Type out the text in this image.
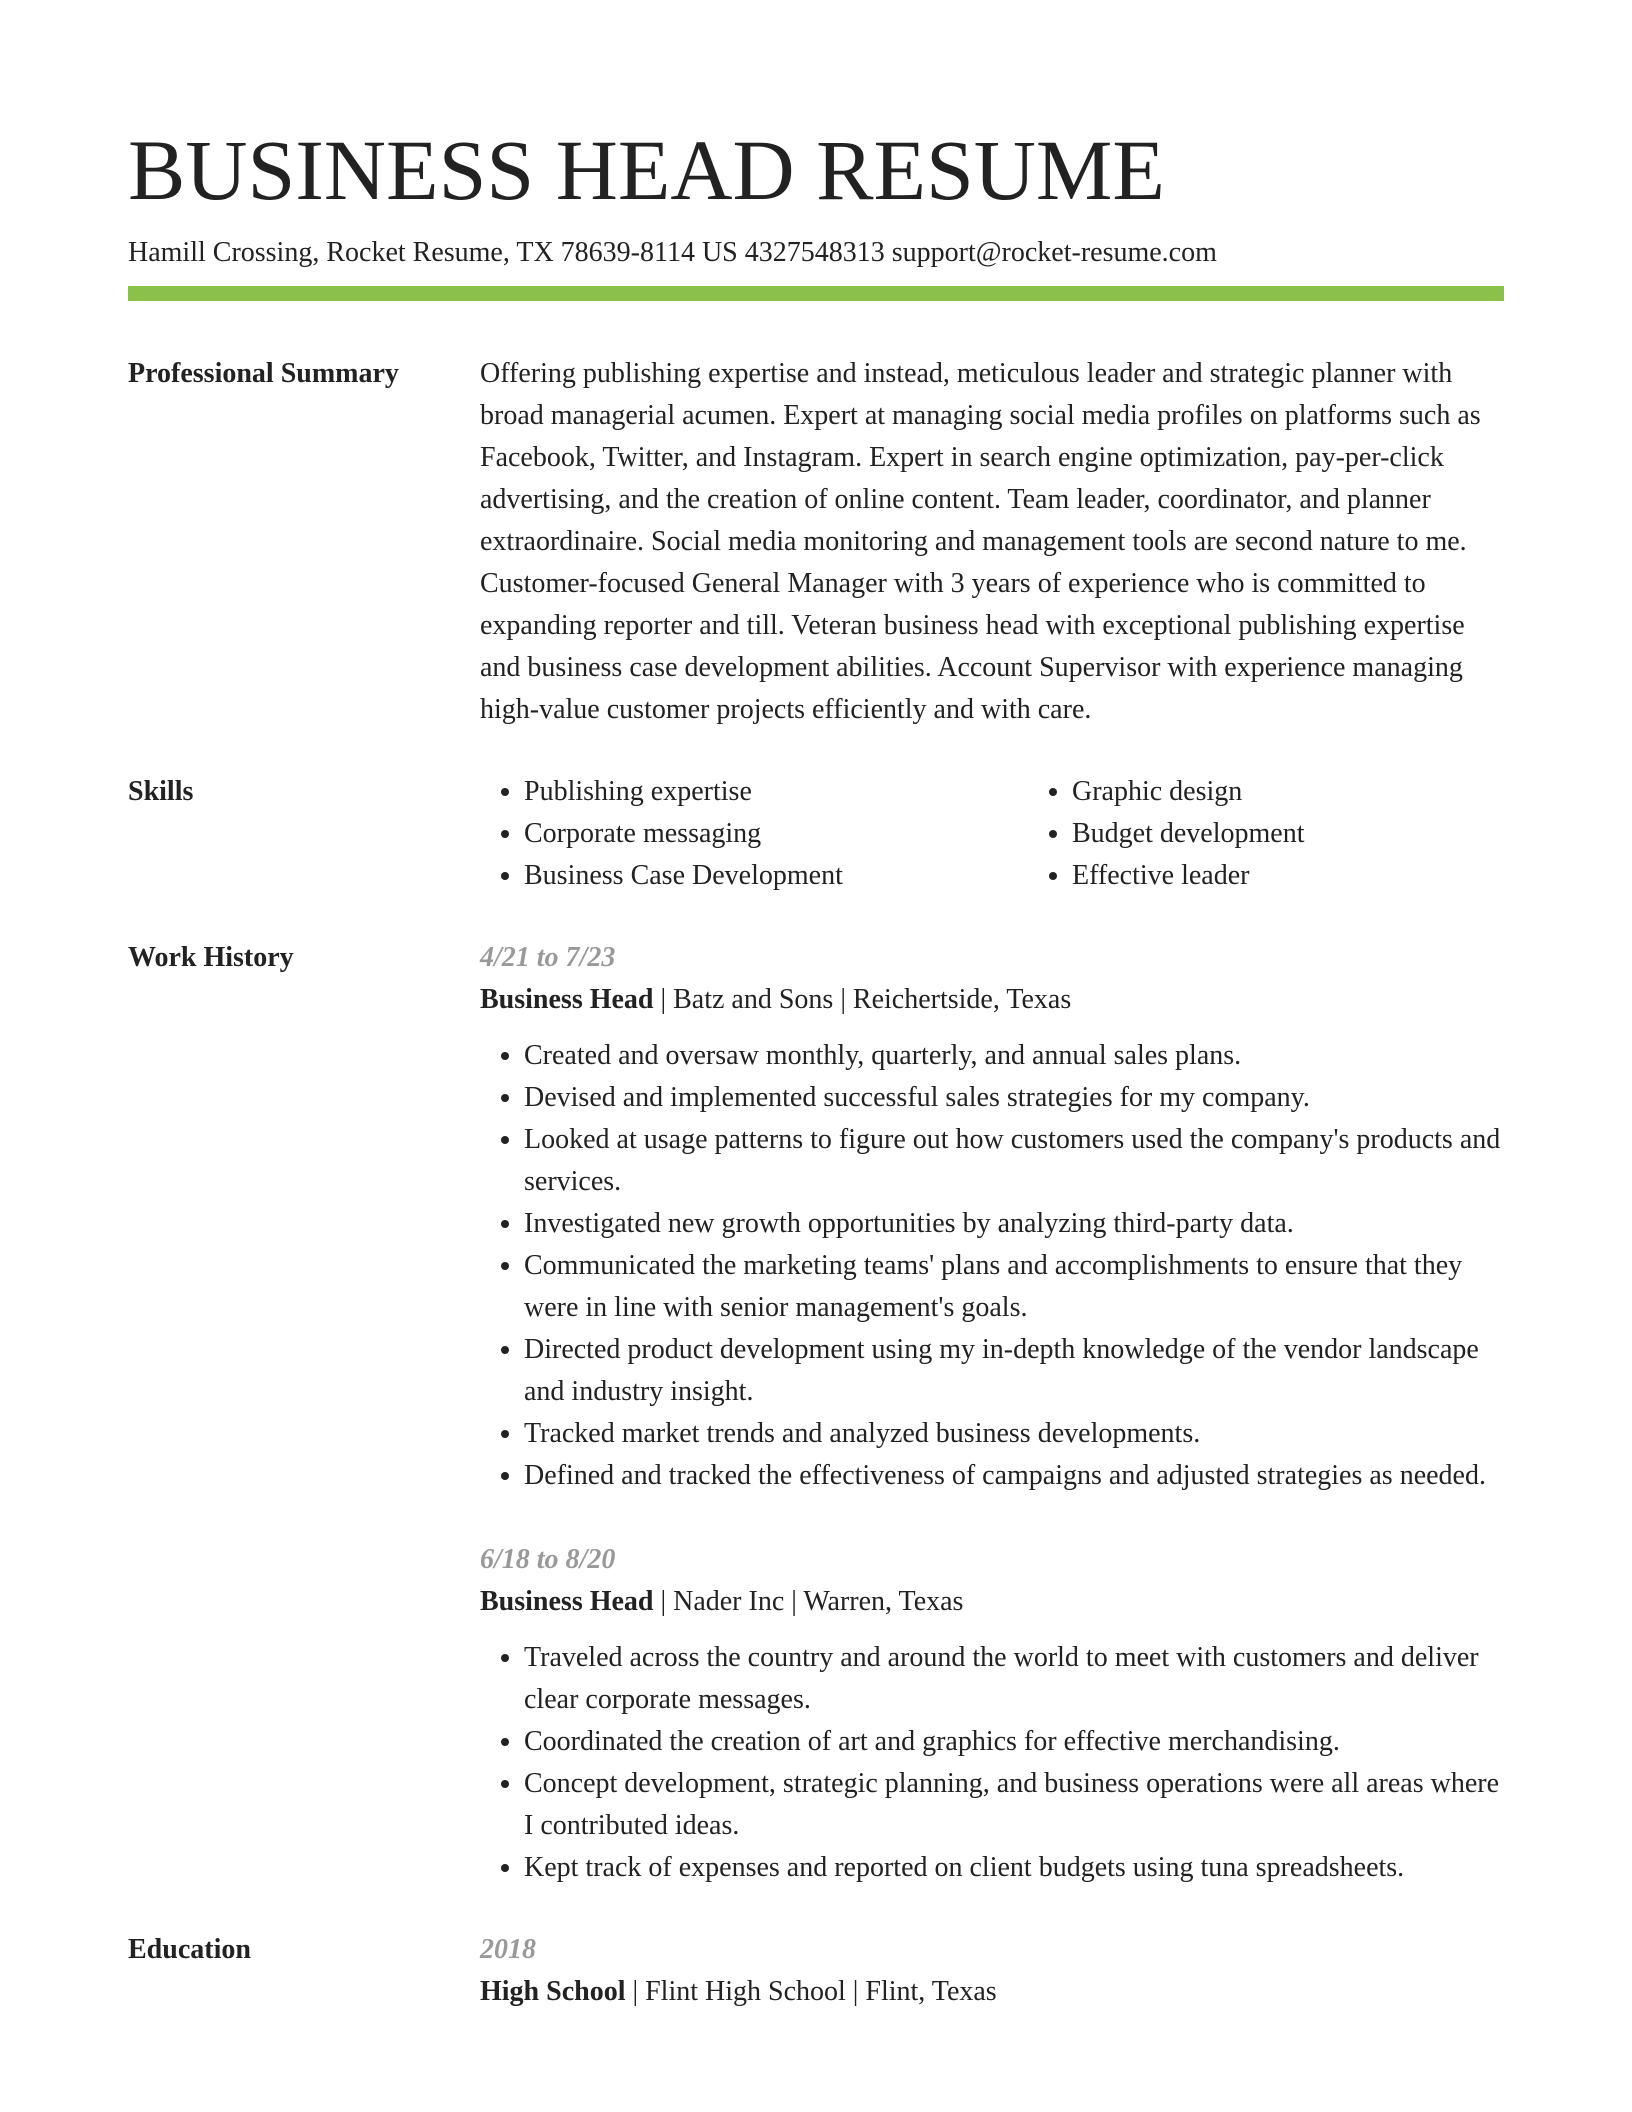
BUSINESS HEAD RESUME
Hamill Crossing, Rocket Resume, TX 78639-8114 US 4327548313 support@rocket-resume.com
Professional Summary	Offering publishing expertise and instead, meticulous leader and strategic planner with broad managerial acumen. Expert at managing social media profiles on platforms such as Facebook, Twitter, and Instagram. Expert in search engine optimization, pay-per-click advertising, and the creation of online content. Team leader, coordinator, and planner extraordinaire. Social media monitoring and management tools are second nature to me. Customer-focused General Manager with 3 years of experience who is committed to expanding reporter and till. Veteran business head with exceptional publishing expertise and business case development abilities. Account Supervisor with experience managing high-value customer projects efficiently and with care.

Skills
•	Publishing expertise
• Corporate messaging
• Business Case Development
• Graphic design
• Budget development
• Effective leader
Work History	4/21 to 7/23
Business Head | Batz and Sons | Reichertside, Texas
• Created and oversaw monthly, quarterly, and annual sales plans.
• Devised and implemented successful sales strategies for my company.
• Looked at usage patterns to figure out how customers used the company's products and services.
• Investigated new growth opportunities by analyzing third-party data.
• Communicated the marketing teams' plans and accomplishments to ensure that they were in line with senior management's goals.
• Directed product development using my in-depth knowledge of the vendor landscape and industry insight.
• Tracked market trends and analyzed business developments.
• Defined and tracked the effectiveness of campaigns and adjusted strategies as needed.
6/18 to 8/20
Business Head | Nader Inc | Warren, Texas
• Traveled across the country and around the world to meet with customers and deliver clear corporate messages.
• Coordinated the creation of art and graphics for effective merchandising.
• Concept development, strategic planning, and business operations were all areas where I contributed ideas.
• Kept track of expenses and reported on client budgets using tuna spreadsheets.
Education	2018
High School | Flint High School | Flint, Texas
